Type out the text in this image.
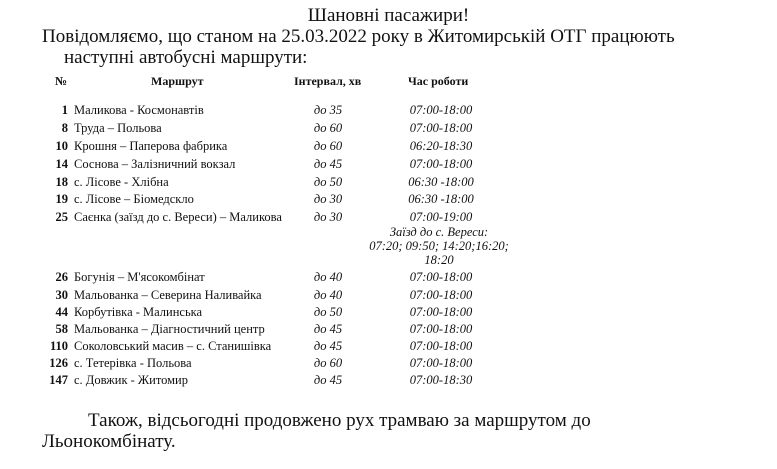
Шановні пасажири!
Повідомляємо, що станом на 25.03.2022 року в Житомирській ОТГ працюють
наступні автобусні маршрути:
№	Маршрут	Інтервал, хв	Час роботи
1 Маликова - Космонавтів	до 35	07:00-18:00
8 Труда – Польова	до 60	07:00-18:00
10 Крошня – Паперова фабрика	до 60	06:20-18:30
14 Соснова – Залізничний вокзал	до 45	07:00-18:00
18 с. Лісове - Хлібна	до 50	06:30 -18:00
19 с. Лісове – Біомедскло	до 30	06:30 -18:00
25 Саєнка (заїзд до с. Вереси) – Маликова	до 30	07:00-19:00
Заїзд до с. Вереси:
07:20; 09:50; 14:20;16:20;
18:20
26 Богунія – М'ясокомбінат	до 40	07:00-18:00
30 Мальованка – Северина Наливайка	до 40	07:00-18:00
44 Корбутівка - Малинська	до 50	07:00-18:00
58 Мальованка – Діагностичний центр	до 45	07:00-18:00
110 Соколовський масив – с. Станишівка	до 45	07:00-18:00
126 с. Тетерівка - Польова	до 60	07:00-18:00
147 с. Довжик - Житомир	до 45	07:00-18:30
Також, відсьогодні продовжено рух трамваю за маршрутом до
Льонокомбінату.
